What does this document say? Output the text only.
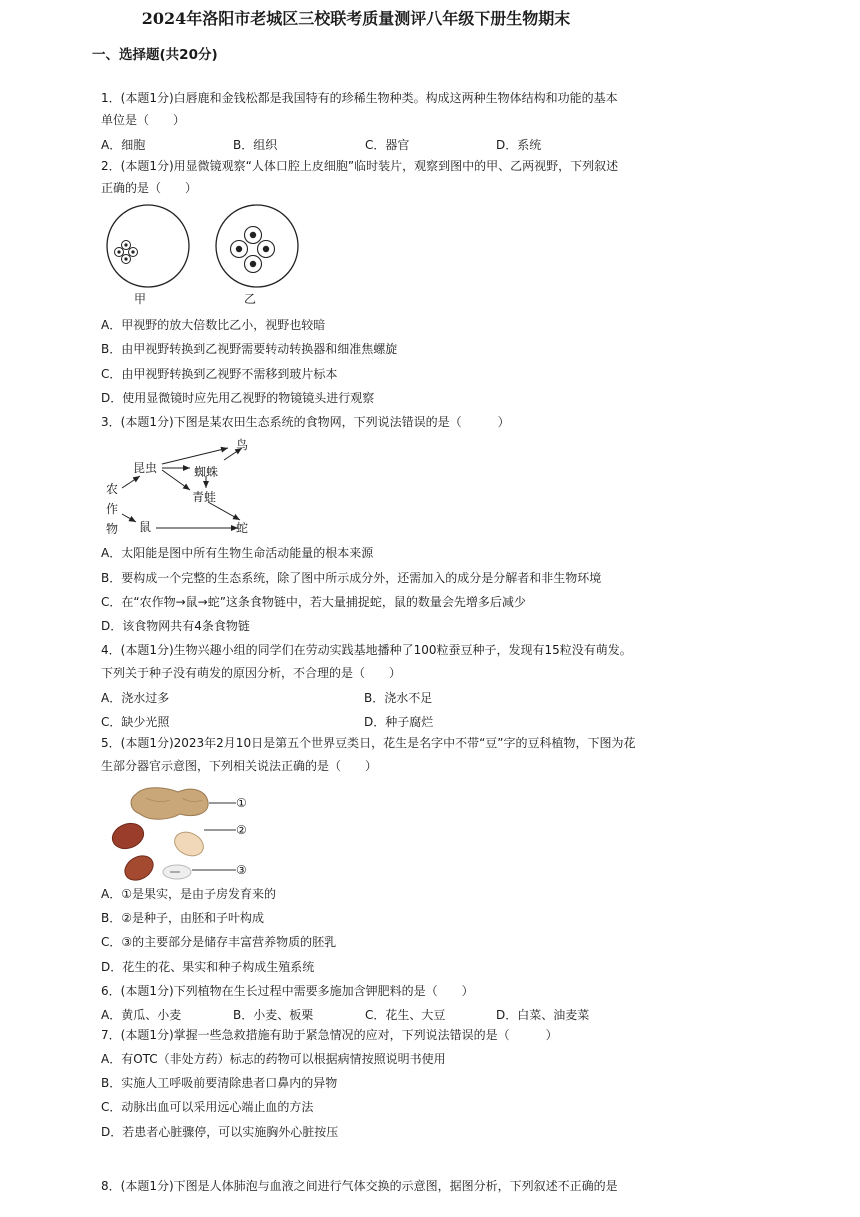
2024年洛阳市老城区三校联考质量测评八年级下册生物期末
一、选择题(共20分)
1．(本题1分)白唇鹿和金钱松都是我国特有的珍稀生物种类。构成这两种生物体结构和功能的基本
单位是（　　）
A．细胞	B．组织	C．器官	D．系统
2．(本题1分)用显微镜观察“人体口腔上皮细胞”临时装片，观察到图中的甲、乙两视野，下列叙述
正确的是（　　）
甲	乙
A．甲视野的放大倍数比乙小，视野也较暗
B．由甲视野转换到乙视野需要转动转换器和细准焦螺旋
C．由甲视野转换到乙视野不需移到玻片标本
D．使用显微镜时应先用乙视野的物镜镜头进行观察
3．(本题1分)下图是某农田生态系统的食物网，下列说法错误的是（　　　）
农作物
昆虫
鸟
蜘蛛
青蛙
鼠	蛇
A．太阳能是图中所有生物生命活动能量的根本来源
B．要构成一个完整的生态系统，除了图中所示成分外，还需加入的成分是分解者和非生物环境
C．在“农作物→鼠→蛇”这条食物链中，若大量捕捉蛇，鼠的数量会先增多后减少
D．该食物网共有4条食物链
4．(本题1分)生物兴趣小组的同学们在劳动实践基地播种了100粒蚕豆种子，发现有15粒没有萌发。
下列关于种子没有萌发的原因分析，不合理的是（　　）
A．浇水过多	B．浇水不足
C．缺少光照	D．种子腐烂
5．(本题1分)2023年2月10日是第五个世界豆类日，花生是名字中不带“豆”字的豆科植物，下图为花
生部分器官示意图，下列相关说法正确的是（　　）
①
②
③
A．①是果实，是由子房发育来的
B．②是种子，由胚和子叶构成
C．③的主要部分是储存丰富营养物质的胚乳
D．花生的花、果实和种子构成生殖系统
6．(本题1分)下列植物在生长过程中需要多施加含钾肥料的是（　　）
A．黄瓜、小麦	B．小麦、板栗	C．花生、大豆	D．白菜、油麦菜
7．(本题1分)掌握一些急救措施有助于紧急情况的应对，下列说法错误的是（　　　）
A．有OTC（非处方药）标志的药物可以根据病情按照说明书使用
B．实施人工呼吸前要清除患者口鼻内的异物
C．动脉出血可以采用远心端止血的方法
D．若患者心脏骤停，可以实施胸外心脏按压
8．(本题1分)下图是人体肺泡与血液之间进行气体交换的示意图，据图分析，下列叙述不正确的是
